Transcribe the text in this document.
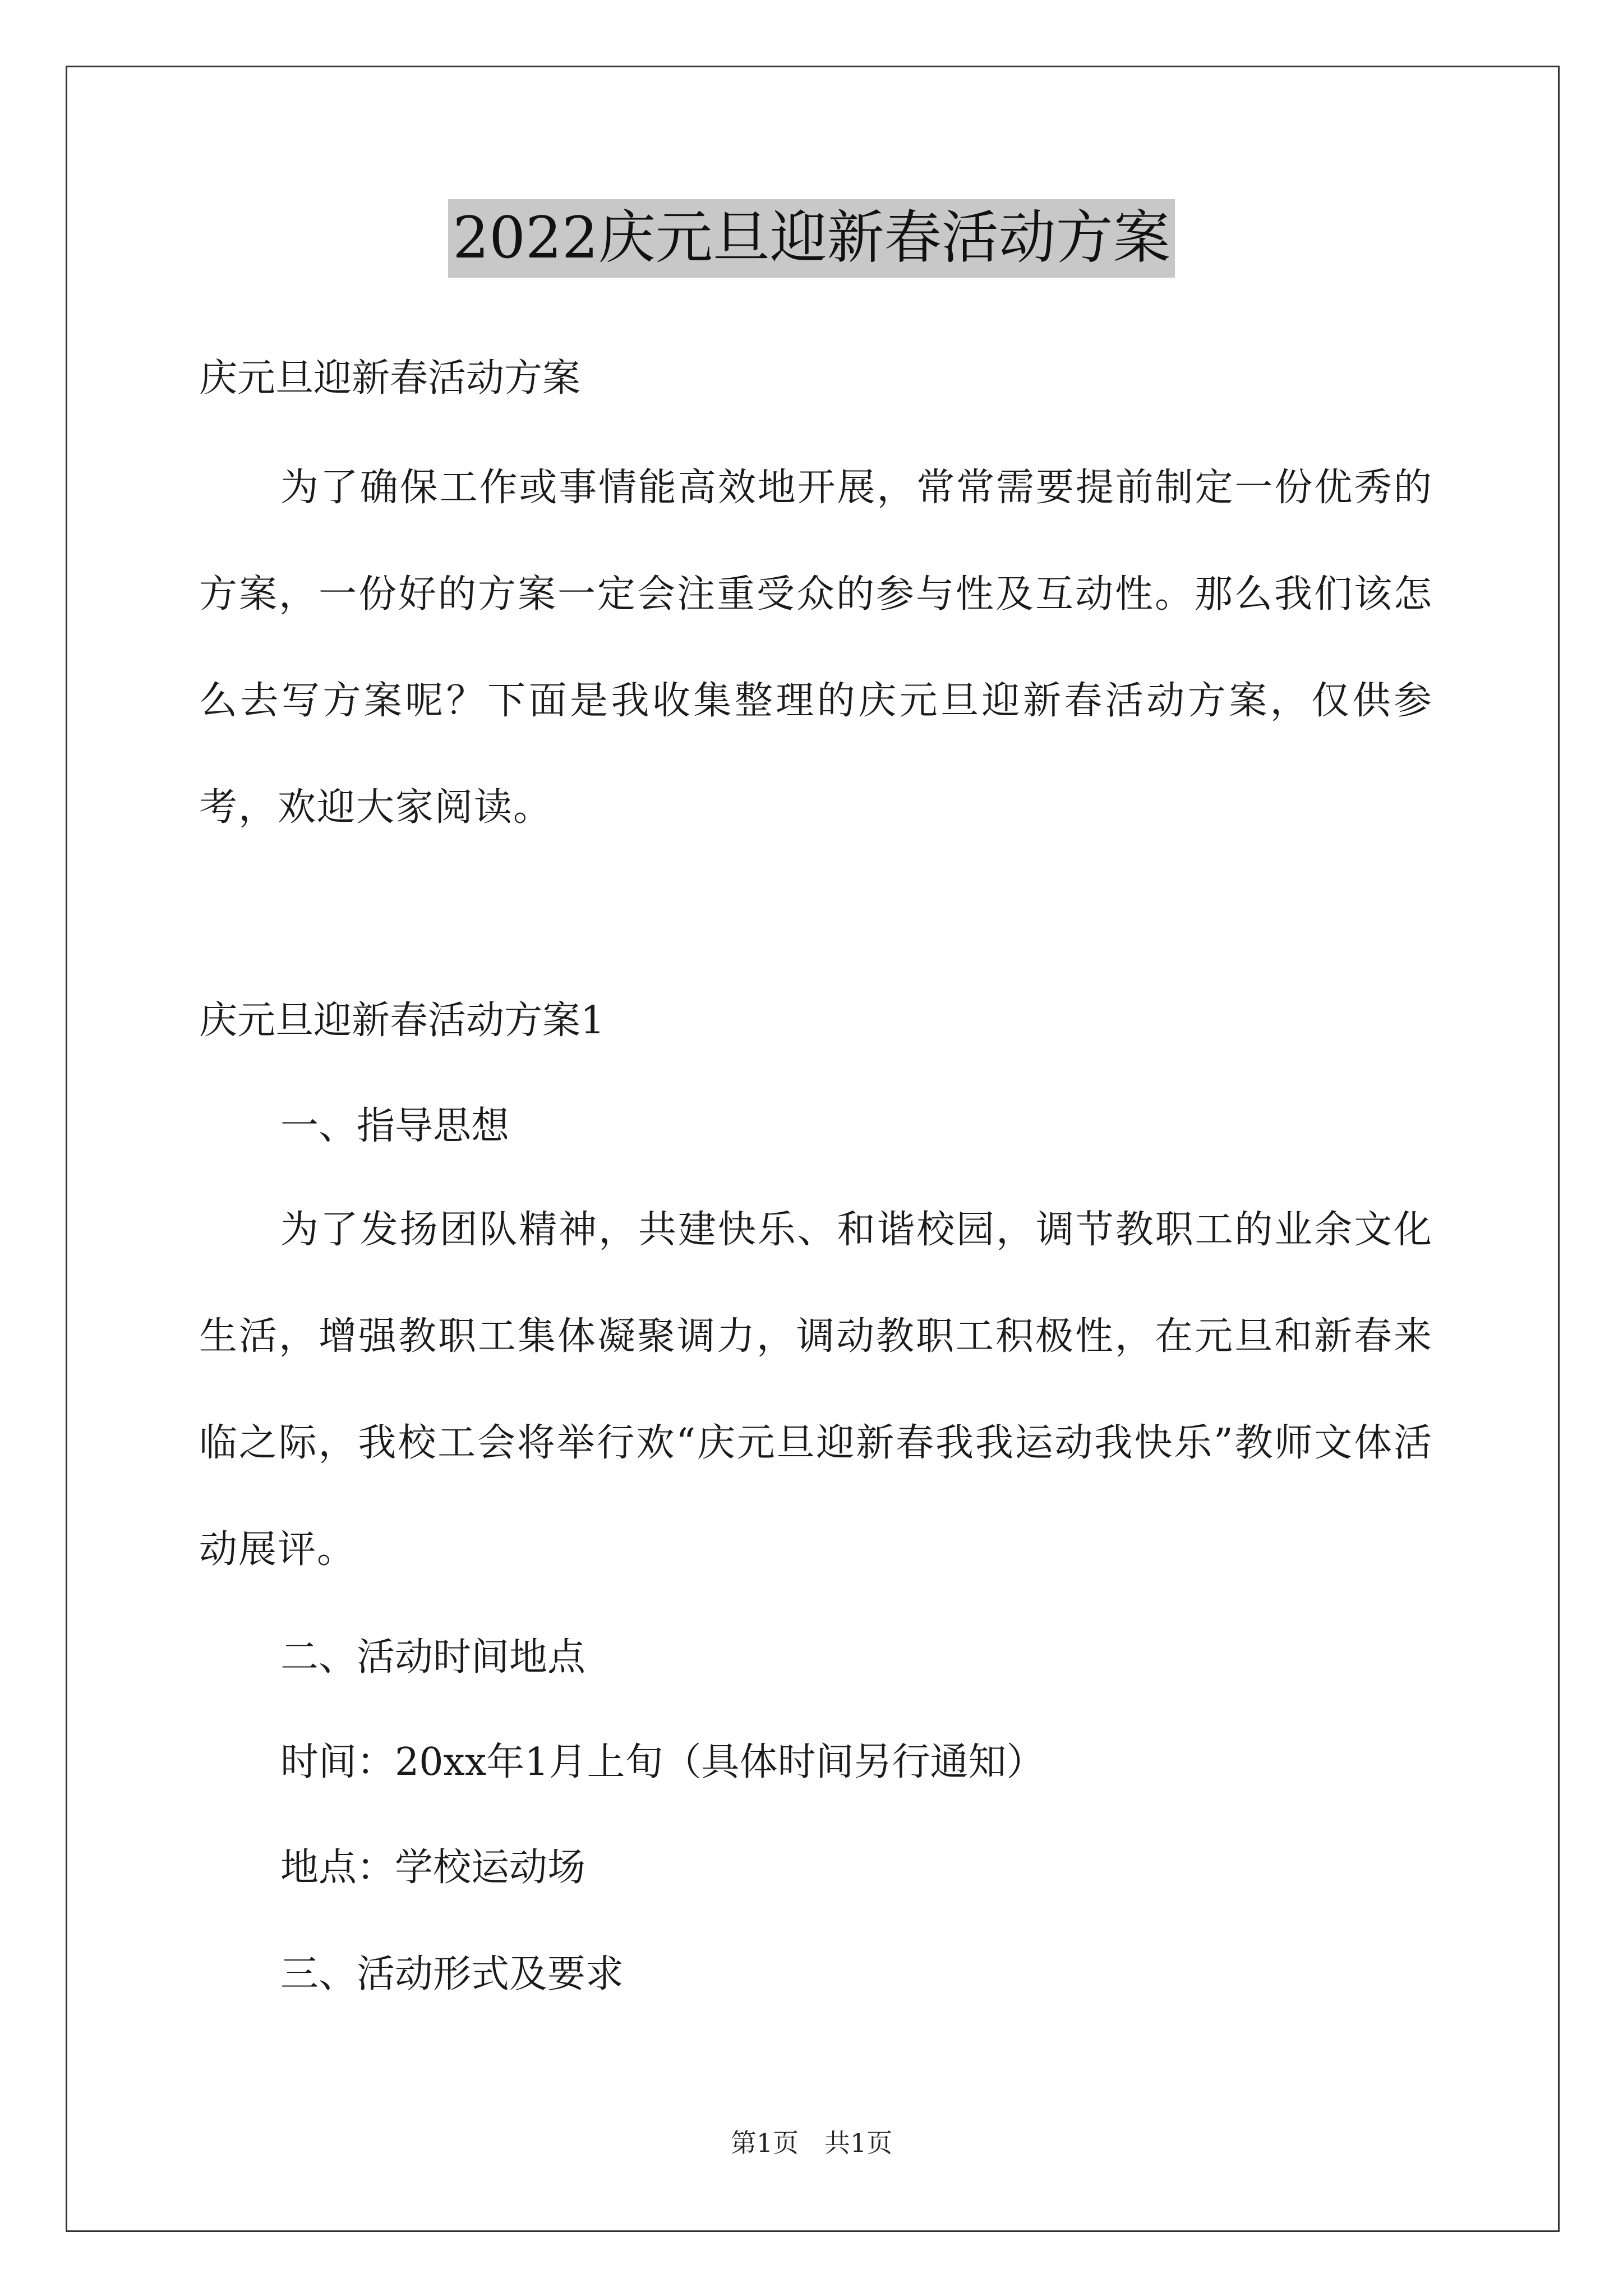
2022庆元旦迎新春活动方案
庆元旦迎新春活动方案
为了确保工作或事情能高效地开展，常常需要提前制定一份优秀的方案，一份好的方案一定会注重受众的参与性及互动性。那么我们该怎么去写方案呢？下面是我收集整理的庆元旦迎新春活动方案，仅供参考，欢迎大家阅读。
庆元旦迎新春活动方案1
一、指导思想
为了发扬团队精神，共建快乐、和谐校园，调节教职工的业余文化生活，增强教职工集体凝聚调力，调动教职工积极性，在元旦和新春来临之际，我校工会将举行欢“庆元旦迎新春我我运动我快乐”教师文体活动展评。
二、活动时间地点
时间：20xx年1月上旬（具体时间另行通知）
地点：学校运动场
三、活动形式及要求
第1页　共1页
